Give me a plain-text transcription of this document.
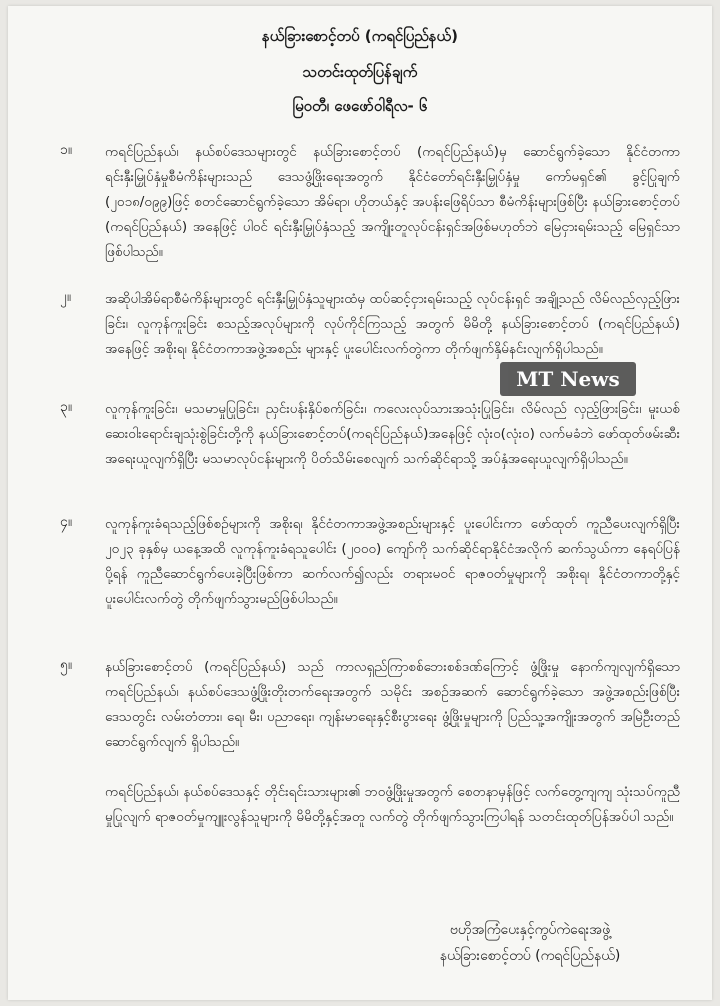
နယ်ခြားစောင့်တပ် (ကရင်ပြည်နယ်)
သတင်းထုတ်ပြန်ချက်
မြဝတီ၊ ဖေဖော်ဝါရီလ- ၆
၁။	ကရင်ပြည်နယ်၊ နယ်စပ်ဒေသများတွင် နယ်ခြားစောင့်တပ် (ကရင်ပြည်နယ်)မှ ဆောင်ရွက်ခဲ့သော နိုင်ငံတကာရင်းနှီးမြှုပ်နှံမှုစီမံကိန်းများသည် ဒေသဖွံ့ဖြိုးရေးအတွက် နိုင်ငံတော်ရင်းနှီးမြှုပ်နှံမှု ကော်မရှင်၏ ခွင့်ပြုချက် (၂၀၁၈/၀၉၉)ဖြင့် စတင်ဆောင်ရွက်ခဲ့သော အိမ်ရာ၊ ဟိုတယ်နှင့် အပန်းဖြေရိပ်သာ စီမံကိန်းများဖြစ်ပြီး နယ်ခြားစောင့်တပ် (ကရင်ပြည်နယ်) အနေဖြင့် ပါဝင် ရင်းနှီးမြှုပ်နှံသည့် အကျိုးတူလုပ်ငန်းရှင်အဖြစ်မဟုတ်ဘဲ မြေငှားရမ်းသည့် မြေရှင်သာဖြစ်ပါသည်။
၂။	အဆိုပါအိမ်ရာစီမံကိန်းများတွင် ရင်းနှီးမြှုပ်နှံသူများထံမှ ထပ်ဆင့်ငှားရမ်းသည့် လုပ်ငန်းရှင် အချို့သည် လိမ်လည်လှည့်ဖြားခြင်း၊ လူကုန်ကူးခြင်း စသည့်အလုပ်များကို လုပ်ကိုင်ကြသည့် အတွက် မိမိတို့ နယ်ခြားစောင့်တပ် (ကရင်ပြည်နယ်) အနေဖြင့် အစိုးရ၊ နိုင်ငံတကာအဖွဲ့အစည်း များနှင့် ပူးပေါင်းလက်တွဲကာ တိုက်ဖျက်နှိမ်နင်းလျက်ရှိပါသည်။
၃။	လူကုန်ကူးခြင်း၊ မသမာမှုပြုခြင်း၊ ညှင်းပန်းနှိပ်စက်ခြင်း၊ ကလေးလုပ်သားအသုံးပြုခြင်း၊ လိမ်လည် လှည့်ဖြားခြင်း၊ မူးယစ်ဆေးဝါးရောင်းချသုံးစွဲခြင်းတို့ကို နယ်ခြားစောင့်တပ်(ကရင်ပြည်နယ်)အနေဖြင့် လုံးဝ(လုံးဝ) လက်မခံဘဲ ဖော်ထုတ်ဖမ်းဆီးအရေးယူလျက်ရှိပြီး မသမာလုပ်ငန်းများကို ပိတ်သိမ်းစေလျက် သက်ဆိုင်ရာသို့ အပ်နှံအရေးယူလျက်ရှိပါသည်။
၄။	လူကုန်ကူးခံရသည့်ဖြစ်စဉ်များကို အစိုးရ၊ နိုင်ငံတကာအဖွဲ့အစည်းများနှင့် ပူးပေါင်းကာ ဖော်ထုတ် ကူညီပေးလျက်ရှိပြီး ၂၀၂၃ ခုနှစ်မှ ယနေ့အထိ လူကုန်ကူးခံရသူပေါင်း (၂၀၀၀) ကျော်ကို သက်ဆိုင်ရာနိုင်ငံအလိုက် ဆက်သွယ်ကာ နေရပ်ပြန်ပို့ရန် ကူညီဆောင်ရွက်ပေးခဲ့ပြီးဖြစ်ကာ ဆက်လက်၍လည်း တရားမဝင် ရာဇဝတ်မှုများကို အစိုးရ၊ နိုင်ငံတကာတို့နှင့် ပူးပေါင်းလက်တွဲ တိုက်ဖျက်သွားမည်ဖြစ်ပါသည်။
၅။	နယ်ခြားစောင့်တပ် (ကရင်ပြည်နယ်) သည် ကာလရှည်ကြာစစ်ဘေးစစ်ဒဏ်ကြောင့် ဖွံ့ဖြိုးမှု နောက်ကျလျက်ရှိသော ကရင်ပြည်နယ်၊ နယ်စပ်ဒေသဖွံ့ဖြိုးတိုးတက်ရေးအတွက် သမိုင်း အစဉ်အဆက် ဆောင်ရွက်ခဲ့သော အဖွဲ့အစည်းဖြစ်ပြီး ဒေသတွင်း လမ်းတံတား၊ ရေ၊ မီး၊ ပညာရေး၊ ကျန်းမာရေးနှင့်စီးပွားရေး ဖွံ့ဖြိုးမှုများကို ပြည်သူ့အကျိုးအတွက် အမြဲဦးတည်ဆောင်ရွက်လျက် ရှိပါသည်။
ကရင်ပြည်နယ်၊ နယ်စပ်ဒေသနှင့် တိုင်းရင်းသားများ၏ ဘဝဖွံ့ဖြိုးမှုအတွက် စေတနာမှန်ဖြင့် လက်တွေ့ကျကျ သုံးသပ်ကူညီမှုပြုလျက် ရာဇဝတ်မှုကျူးလွန်သူများကို မိမိတို့နှင့်အတူ လက်တွဲ တိုက်ဖျက်သွားကြပါရန် သတင်းထုတ်ပြန်အပ်ပါ သည်။
MT News
ဗဟိုအကြံပေးနှင့်ကွပ်ကဲရေးအဖွဲ့
နယ်ခြားစောင့်တပ် (ကရင်ပြည်နယ်)
